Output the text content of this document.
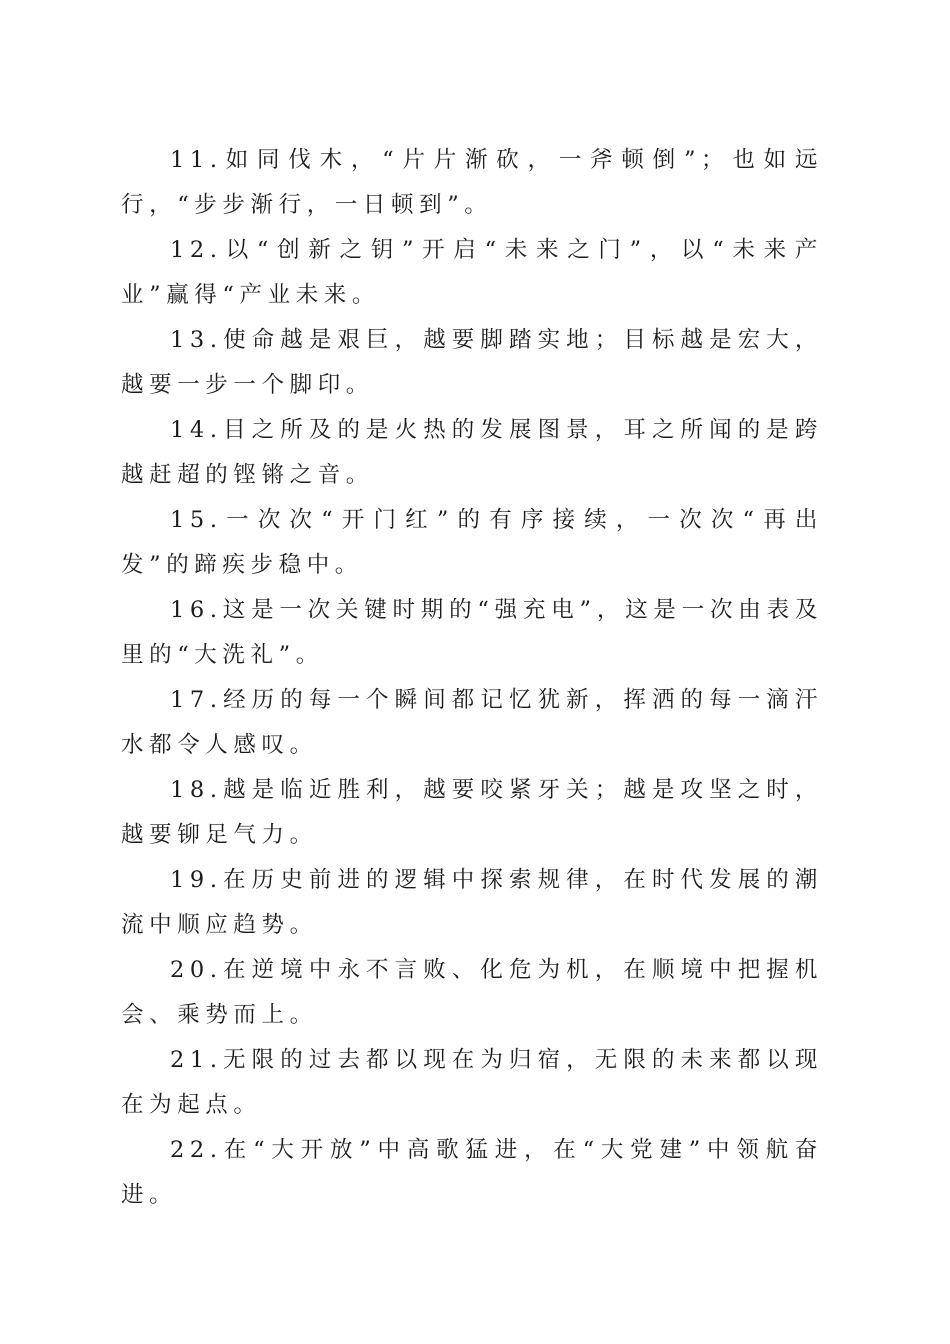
11.如同伐木，“片片渐砍，一斧顿倒”；也如远行，“步步渐行，一日顿到”。

12.以“创新之钥”开启“未来之门”，以“未来产业”赢得“产业未来。

13.使命越是艰巨，越要脚踏实地；目标越是宏大，越要一步一个脚印。

14.目之所及的是火热的发展图景，耳之所闻的是跨越赶超的铿锵之音。

15.一次次“开门红”的有序接续，一次次“再出发”的蹄疾步稳中。

16.这是一次关键时期的“强充电”，这是一次由表及里的“大洗礼”。

17.经历的每一个瞬间都记忆犹新，挥洒的每一滴汗水都令人感叹。

18.越是临近胜利，越要咬紧牙关；越是攻坚之时，越要铆足气力。

19.在历史前进的逻辑中探索规律，在时代发展的潮流中顺应趋势。

20.在逆境中永不言败、化危为机，在顺境中把握机会、乘势而上。

21.无限的过去都以现在为归宿，无限的未来都以现在为起点。

22.在“大开放”中高歌猛进，在“大党建”中领航奋进。
